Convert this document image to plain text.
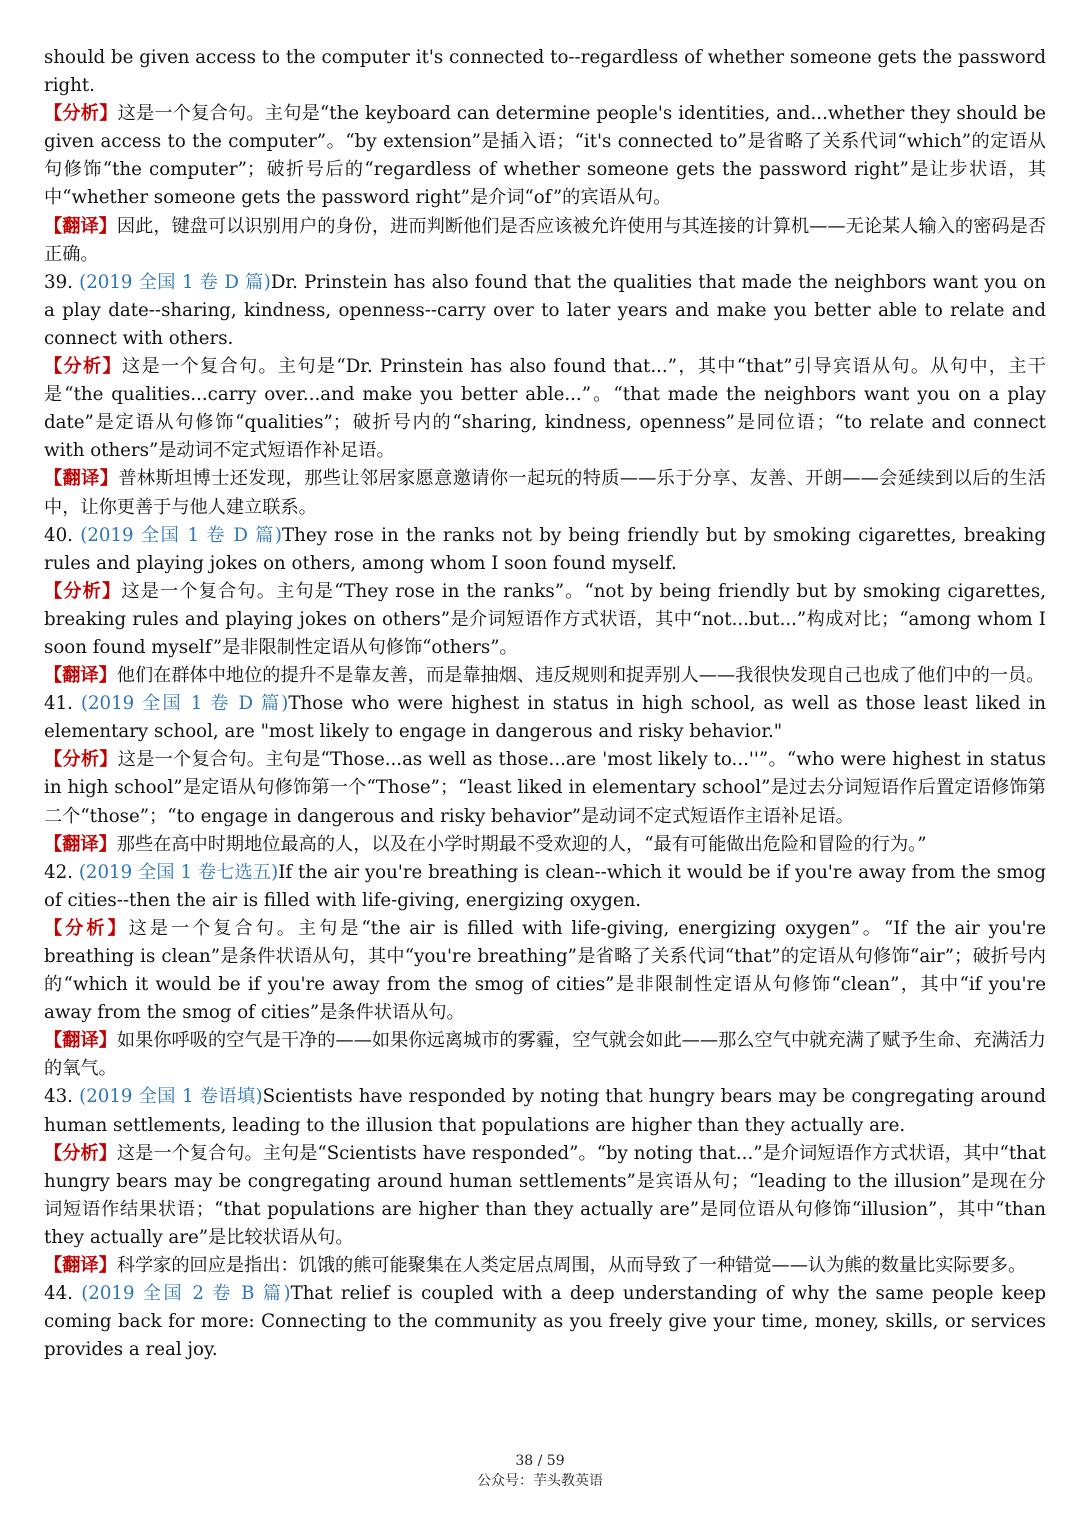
should be given access to the computer it's connected to--regardless of whether someone gets the password right.

【分析】这是一个复合句。主句是“the keyboard can determine people's identities, and...whether they should be given access to the computer”。“by extension”是插入语；“it's connected to”是省略了关系代词“which”的定语从句修饰“the computer”；破折号后的“regardless of whether someone gets the password right”是让步状语，其中“whether someone gets the password right”是介词“of”的宾语从句。

【翻译】因此，键盘可以识别用户的身份，进而判断他们是否应该被允许使用与其连接的计算机——无论某人输入的密码是否正确。

39. (2019 全国 1 卷 D 篇)Dr. Prinstein has also found that the qualities that made the neighbors want you on a play date--sharing, kindness, openness--carry over to later years and make you better able to relate and connect with others.

【分析】这是一个复合句。主句是“Dr. Prinstein has also found that...”，其中“that”引导宾语从句。从句中，主干是“the qualities...carry over...and make you better able...”。“that made the neighbors want you on a play date”是定语从句修饰“qualities”；破折号内的“sharing, kindness, openness”是同位语；“to relate and connect with others”是动词不定式短语作补足语。

【翻译】普林斯坦博士还发现，那些让邻居家愿意邀请你一起玩的特质——乐于分享、友善、开朗——会延续到以后的生活中，让你更善于与他人建立联系。

40. (2019 全国 1 卷 D 篇)They rose in the ranks not by being friendly but by smoking cigarettes, breaking rules and playing jokes on others, among whom I soon found myself.

【分析】这是一个复合句。主句是“They rose in the ranks”。“not by being friendly but by smoking cigarettes, breaking rules and playing jokes on others”是介词短语作方式状语，其中“not...but...”构成对比；“among whom I soon found myself”是非限制性定语从句修饰“others”。

【翻译】他们在群体中地位的提升不是靠友善，而是靠抽烟、违反规则和捉弄别人——我很快发现自己也成了他们中的一员。

41. (2019 全国 1 卷 D 篇)Those who were highest in status in high school, as well as those least liked in elementary school, are "most likely to engage in dangerous and risky behavior."

【分析】这是一个复合句。主句是“Those...as well as those...are 'most likely to...''”。“who were highest in status in high school”是定语从句修饰第一个“Those”；“least liked in elementary school”是过去分词短语作后置定语修饰第二个“those”；“to engage in dangerous and risky behavior”是动词不定式短语作主语补足语。

【翻译】那些在高中时期地位最高的人，以及在小学时期最不受欢迎的人，“最有可能做出危险和冒险的行为。”

42. (2019 全国 1 卷七选五)If the air you're breathing is clean--which it would be if you're away from the smog of cities--then the air is filled with life-giving, energizing oxygen.

【分析】这是一个复合句。主句是“the air is filled with life-giving, energizing oxygen”。“If the air you're breathing is clean”是条件状语从句，其中“you're breathing”是省略了关系代词“that”的定语从句修饰“air”；破折号内的“which it would be if you're away from the smog of cities”是非限制性定语从句修饰“clean”，其中“if you're away from the smog of cities”是条件状语从句。

【翻译】如果你呼吸的空气是干净的——如果你远离城市的雾霾，空气就会如此——那么空气中就充满了赋予生命、充满活力的氧气。

43. (2019 全国 1 卷语填)Scientists have responded by noting that hungry bears may be congregating around human settlements, leading to the illusion that populations are higher than they actually are.

【分析】这是一个复合句。主句是“Scientists have responded”。“by noting that...”是介词短语作方式状语，其中“that hungry bears may be congregating around human settlements”是宾语从句；“leading to the illusion”是现在分词短语作结果状语；“that populations are higher than they actually are”是同位语从句修饰“illusion”，其中“than they actually are”是比较状语从句。

【翻译】科学家的回应是指出：饥饿的熊可能聚集在人类定居点周围，从而导致了一种错觉——认为熊的数量比实际要多。

44. (2019 全国 2 卷 B 篇)That relief is coupled with a deep understanding of why the same people keep coming back for more: Connecting to the community as you freely give your time, money, skills, or services provides a real joy.

38 / 59
公众号：芋头教英语
